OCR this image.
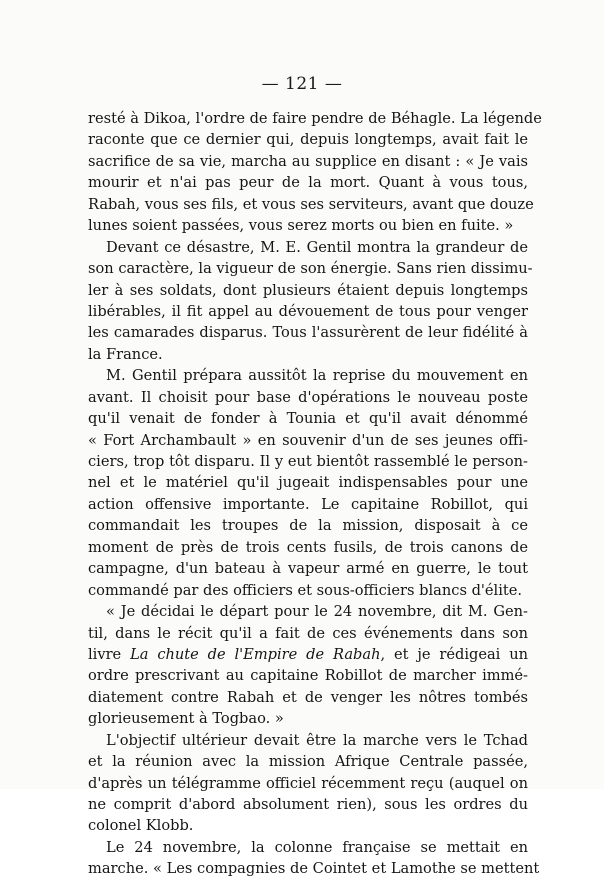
— 121 —
resté à Dikoa, l'ordre de faire pendre de Béhagle. La légende
raconte que ce dernier qui, depuis longtemps, avait fait le
sacrifice de sa vie, marcha au supplice en disant : « Je vais
mourir et n'ai pas peur de la mort. Quant à vous tous,
Rabah, vous ses fils, et vous ses serviteurs, avant que douze
lunes soient passées, vous serez morts ou bien en fuite. »
Devant ce désastre, M. E. Gentil montra la grandeur de
son caractère, la vigueur de son énergie. Sans rien dissimu-
ler à ses soldats, dont plusieurs étaient depuis longtemps
libérables, il fit appel au dévouement de tous pour venger
les camarades disparus. Tous l'assurèrent de leur fidélité à
la France.
M. Gentil prépara aussitôt la reprise du mouvement en
avant. Il choisit pour base d'opérations le nouveau poste
qu'il venait de fonder à Tounia et qu'il avait dénommé
« Fort Archambault » en souvenir d'un de ses jeunes offi-
ciers, trop tôt disparu. Il y eut bientôt rassemblé le person-
nel et le matériel qu'il jugeait indispensables pour une
action offensive importante. Le capitaine Robillot, qui
commandait les troupes de la mission, disposait à ce
moment de près de trois cents fusils, de trois canons de
campagne, d'un bateau à vapeur armé en guerre, le tout
commandé par des officiers et sous-officiers blancs d'élite.
« Je décidai le départ pour le 24 novembre, dit M. Gen-
til, dans le récit qu'il a fait de ces événements dans son
livre La chute de l'Empire de Rabah, et je rédigeai un
ordre prescrivant au capitaine Robillot de marcher immé-
diatement contre Rabah et de venger les nôtres tombés
glorieusement à Togbao. »
L'objectif ultérieur devait être la marche vers le Tchad
et la réunion avec la mission Afrique Centrale passée,
d'après un télégramme officiel récemment reçu (auquel on
ne comprit d'abord absolument rien), sous les ordres du
colonel Klobb.
Le 24 novembre, la colonne française se mettait en
marche. « Les compagnies de Cointet et Lamothe se mettent
